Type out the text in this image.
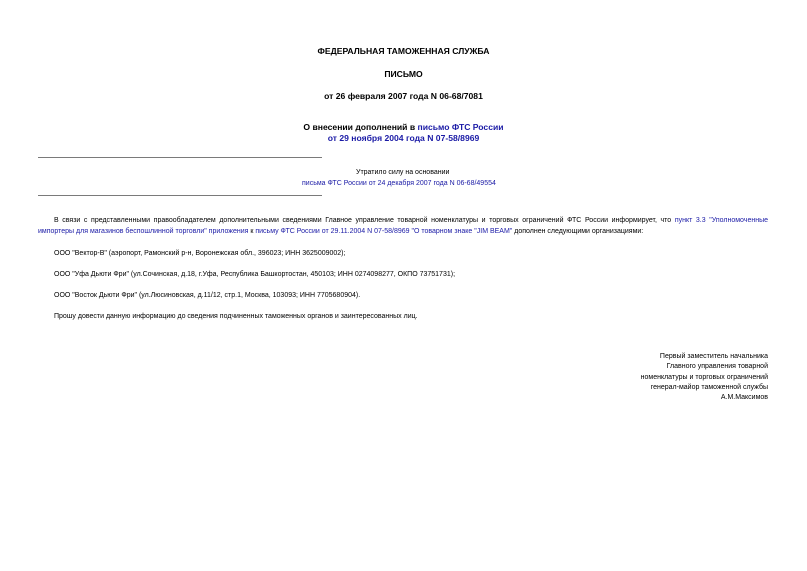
ФЕДЕРАЛЬНАЯ ТАМОЖЕННАЯ СЛУЖБА
ПИСЬМО
от 26 февраля 2007 года N 06-68/7081
О внесении дополнений в письмо ФТС России
от 29 ноября 2004 года N 07-58/8969
Утратило силу на основании
письма ФТС России от 24 декабря 2007 года N 06-68/49554
В связи с представленными правообладателем дополнительными сведениями Главное управление товарной номенклатуры и торговых ограничений ФТС России информирует, что пункт 3.3 "Уполномоченные импортеры для магазинов беспошлинной торговли" приложения к письму ФТС России от 29.11.2004 N 07-58/8969 "О товарном знаке "JIM BEAM" дополнен следующими организациями:
ООО "Вектор-В" (аэропорт, Рамонский р-н, Воронежская обл., 396023; ИНН 3625009002);
ООО "Уфа Дьюти Фри" (ул.Сочинская, д.18, г.Уфа, Республика Башкортостан, 450103; ИНН 0274098277, ОКПО 73751731);
ООО "Восток Дьюти Фри" (ул.Люсиновская, д.11/12, стр.1, Москва, 103093; ИНН 7705680904).
Прошу довести данную информацию до сведения подчиненных таможенных органов и заинтересованных лиц.
Первый заместитель начальника
Главного управления товарной
номенклатуры и торговых ограничений
генерал-майор таможенной службы
А.М.Максимов
